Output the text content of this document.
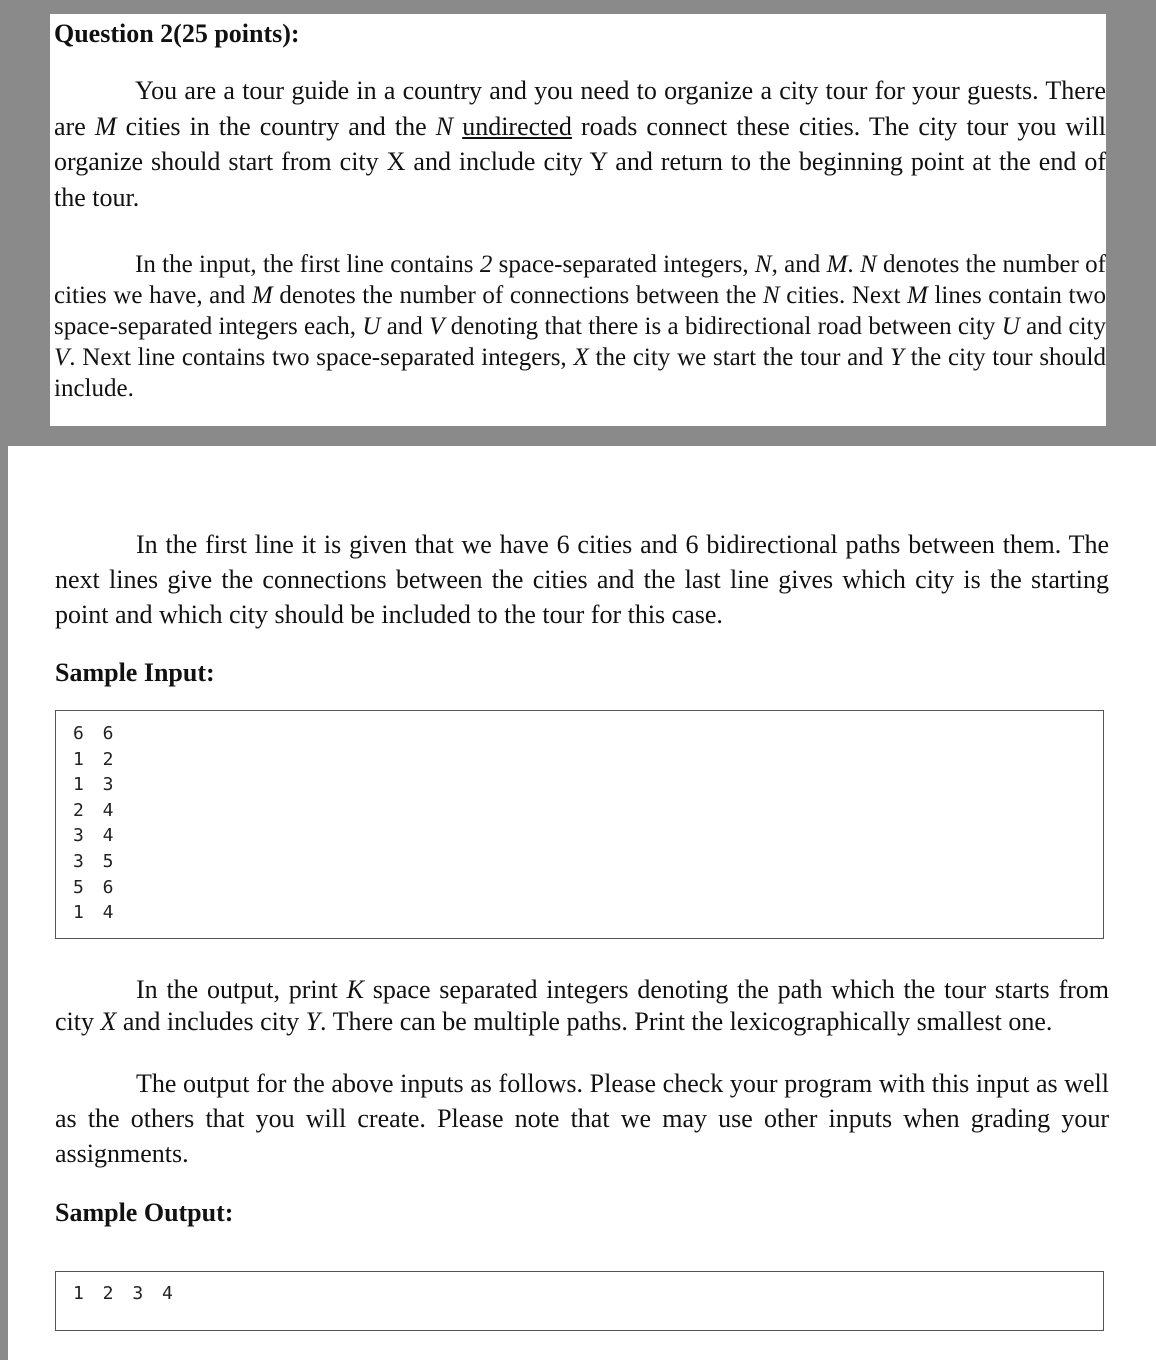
Question 2(25 points):

You are a tour guide in a country and you need to organize a city tour for your guests. There are M cities in the country and the N undirected roads connect these cities. The city tour you will organize should start from city X and include city Y and return to the beginning point at the end of the tour.

In the input, the first line contains 2 space-separated integers, N, and M. N denotes the number of cities we have, and M denotes the number of connections between the N cities. Next M lines contain two space-separated integers each, U and V denoting that there is a bidirectional road between city U and city V. Next line contains two space-separated integers, X the city we start the tour and Y the city tour should include.

In the first line it is given that we have 6 cities and 6 bidirectional paths between them. The next lines give the connections between the cities and the last line gives which city is the starting point and which city should be included to the tour for this case.

Sample Input:
6 6
1 2
1 3
2 4
3 4
3 5
5 6
1 4

In the output, print K space separated integers denoting the path which the tour starts from city X and includes city Y. There can be multiple paths. Print the lexicographically smallest one.

The output for the above inputs as follows. Please check your program with this input as well as the others that you will create. Please note that we may use other inputs when grading your assignments.

Sample Output:
1 2 3 4
